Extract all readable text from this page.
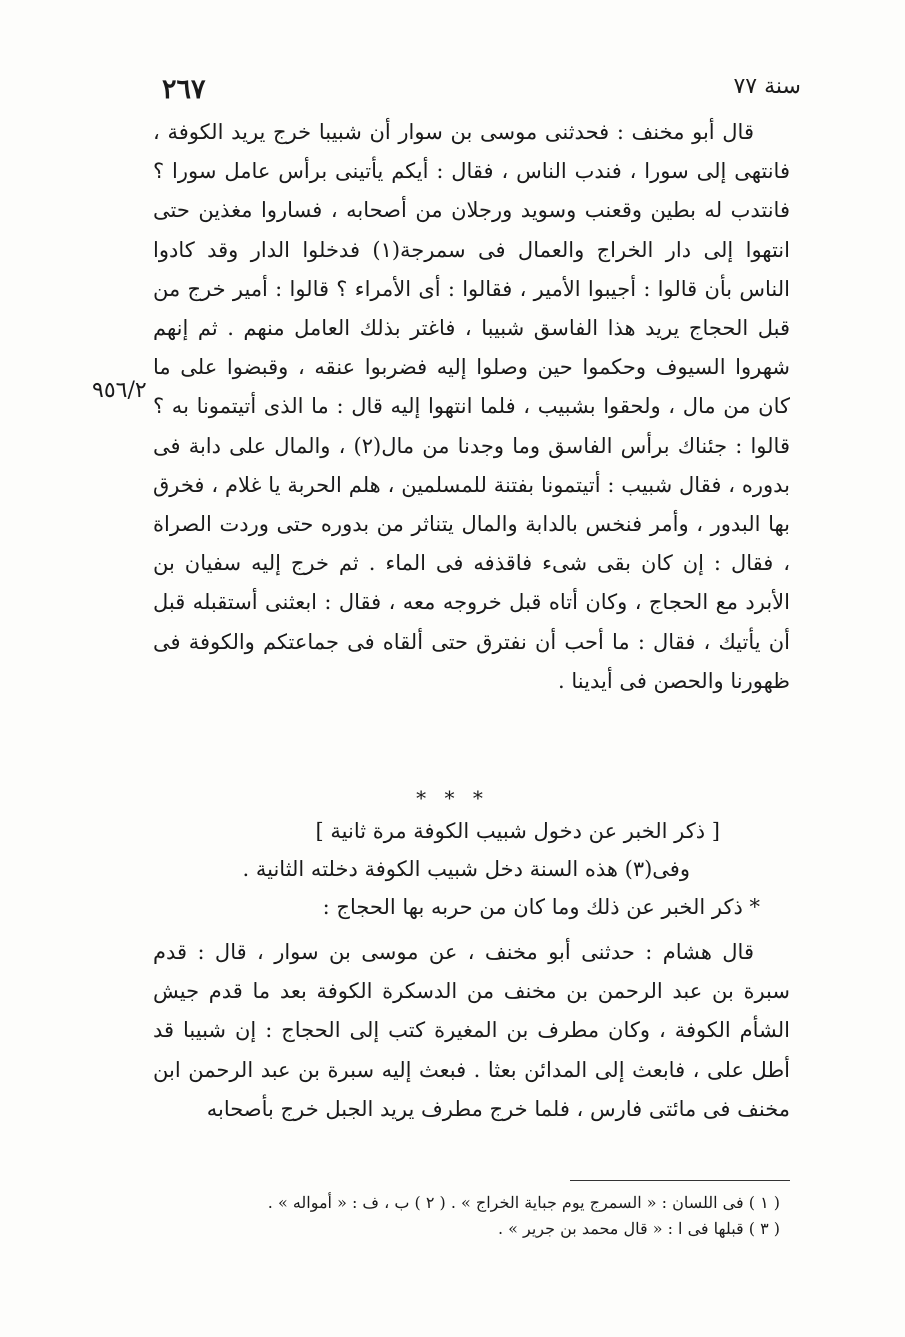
٢٦٧	سنة ٧٧
٩٥٦/٢

قال أبو مخنف : فحدثنى موسى بن سوار أن شبيبا خرج يريد الكوفة ، فانتهى إلى سورا ، فندب الناس ، فقال : أيكم يأتينى برأس عامل سورا ؟ فانتدب له بطين وقعنب وسويد ورجلان من أصحابه ، فساروا مغذين حتى انتهوا إلى دار الخراج والعمال فى سمرجة(١) فدخلوا الدار وقد كادوا الناس بأن قالوا : أجيبوا الأمير ، فقالوا : أى الأمراء ؟ قالوا : أمير خرج من قبل الحجاج يريد هذا الفاسق شبيبا ، فاغتر بذلك العامل منهم . ثم إنهم شهروا السيوف وحكموا حين وصلوا إليه فضربوا عنقه ، وقبضوا على ما كان من مال ، ولحقوا بشبيب ، فلما انتهوا إليه قال : ما الذى أتيتمونا به ؟ قالوا : جئناك برأس الفاسق وما وجدنا من مال(٢) ، والمال على دابة فى بدوره ، فقال شبيب : أتيتمونا بفتنة للمسلمين ، هلم الحربة يا غلام ، فخرق بها البدور ، وأمر فنخس بالدابة والمال يتناثر من بدوره حتى وردت الصراة ، فقال : إن كان بقى شىء فاقذفه فى الماء . ثم خرج إليه سفيان بن الأبرد مع الحجاج ، وكان أتاه قبل خروجه معه ، فقال : ابعثنى أستقبله قبل أن يأتيك ، فقال : ما أحب أن نفترق حتى ألقاه فى جماعتكم والكوفة فى ظهورنا والحصن فى أيدينا .

* * *

[ ذكر الخبر عن دخول شبيب الكوفة مرة ثانية ]

وفى(٣) هذه السنة دخل شبيب الكوفة دخلته الثانية .

* ذكر الخبر عن ذلك وما كان من حربه بها الحجاج :

قال هشام : حدثنى أبو مخنف ، عن موسى بن سوار ، قال : قدم سبرة بن عبد الرحمن بن مخنف من الدسكرة الكوفة بعد ما قدم جيش الشأم الكوفة ، وكان مطرف بن المغيرة كتب إلى الحجاج : إن شبيبا قد أطل على ، فابعث إلى المدائن بعثا . فبعث إليه سبرة بن عبد الرحمن ابن مخنف فى مائتى فارس ، فلما خرج مطرف يريد الجبل خرج بأصحابه

( ١ ) فى اللسان : « السمرج يوم جباية الخراج » . ( ٢ ) ب ، ف : « أمواله » .

( ٣ ) قبلها فى ا : « قال محمد بن جرير » .
